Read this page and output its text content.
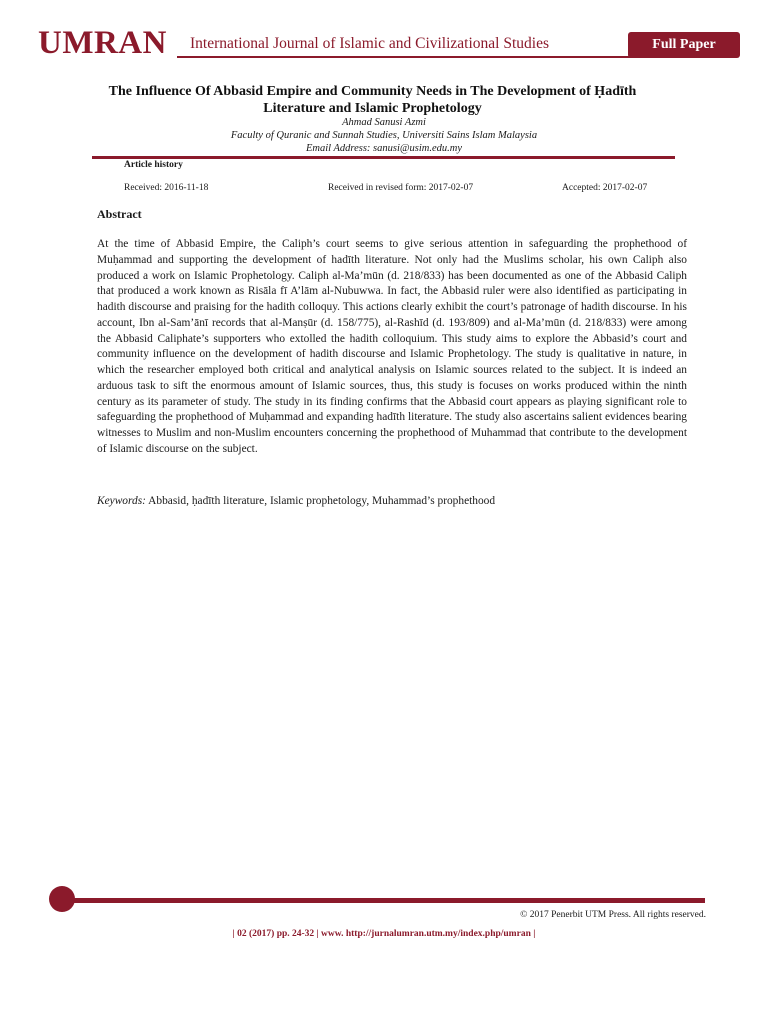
UMRAN International Journal of Islamic and Civilizational Studies	Full Paper
The Influence Of Abbasid Empire and Community Needs in The Development of Ḥadīth Literature and Islamic Prophetology
Ahmad Sanusi Azmi
Faculty of Quranic and Sunnah Studies, Universiti Sains Islam Malaysia
Email Address: sanusi@usim.edu.my
Article history
Received: 2016-11-18	Received in revised form: 2017-02-07	Accepted: 2017-02-07
Abstract
At the time of Abbasid Empire, the Caliph’s court seems to give serious attention in safeguarding the prophethood of Muḥammad and supporting the development of hadīth literature. Not only had the Muslims scholar, his own Caliph also produced a work on Islamic Prophetology. Caliph al-Ma’mūn (d. 218/833) has been documented as one of the Abbasid Caliph that produced a work known as Risāla fī A’lām al-Nubuwwa. In fact, the Abbasid ruler were also identified as participating in hadith discourse and praising for the hadith colloquy. This actions clearly exhibit the court’s patronage of hadith discourse. In his account, Ibn al-Sam’ānī records that al-Manṣūr (d. 158/775), al-Rashīd (d. 193/809) and al-Ma’mūn (d. 218/833) were among the Abbasid Caliphate’s supporters who extolled the hadith colloquium. This study aims to explore the Abbasid’s court and community influence on the development of hadith discourse and Islamic Prophetology. The study is qualitative in nature, in which the researcher employed both critical and analytical analysis on Islamic sources related to the subject. It is indeed an arduous task to sift the enormous amount of Islamic sources, thus, this study is focuses on works produced within the ninth century as its parameter of study. The study in its finding confirms that the Abbasid court appears as playing significant role to safeguarding the prophethood of Muḥammad and expanding hadīth literature. The study also ascertains salient evidences bearing witnesses to Muslim and non-Muslim encounters concerning the prophethood of Muhammad that contribute to the development of Islamic discourse on the subject.
Keywords: Abbasid, ḥadīth literature, Islamic prophetology, Muhammad’s prophethood
© 2017 Penerbit UTM Press. All rights reserved.
| 02 (2017) pp. 24-32 | www. http://jurnalumran.utm.my/index.php/umran |
